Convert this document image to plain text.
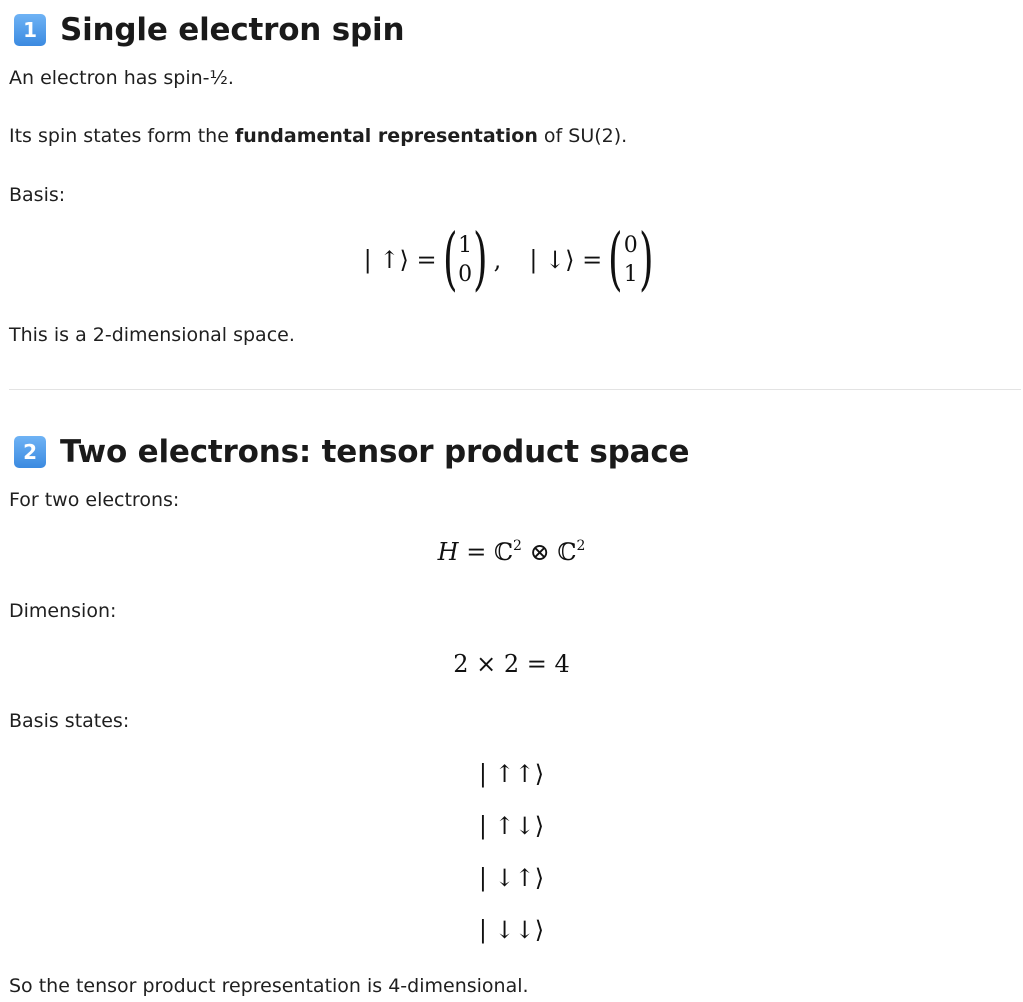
1 Single electron spin
An electron has spin-½.
Its spin states form the fundamental representation of SU(2).
Basis:
| ↑⟩ = ( 1
0 ) , | ↓⟩ = ( 0
1 )
This is a 2-dimensional space.
2 Two electrons: tensor product space
For two electrons:
H = ℂ$^2$ ⊗ ℂ$^2$
Dimension:
2 × 2 = 4
Basis states:
| ↑↑⟩
| ↑↓⟩
| ↓↑⟩
| ↓↓⟩
So the tensor product representation is 4-dimensional.
